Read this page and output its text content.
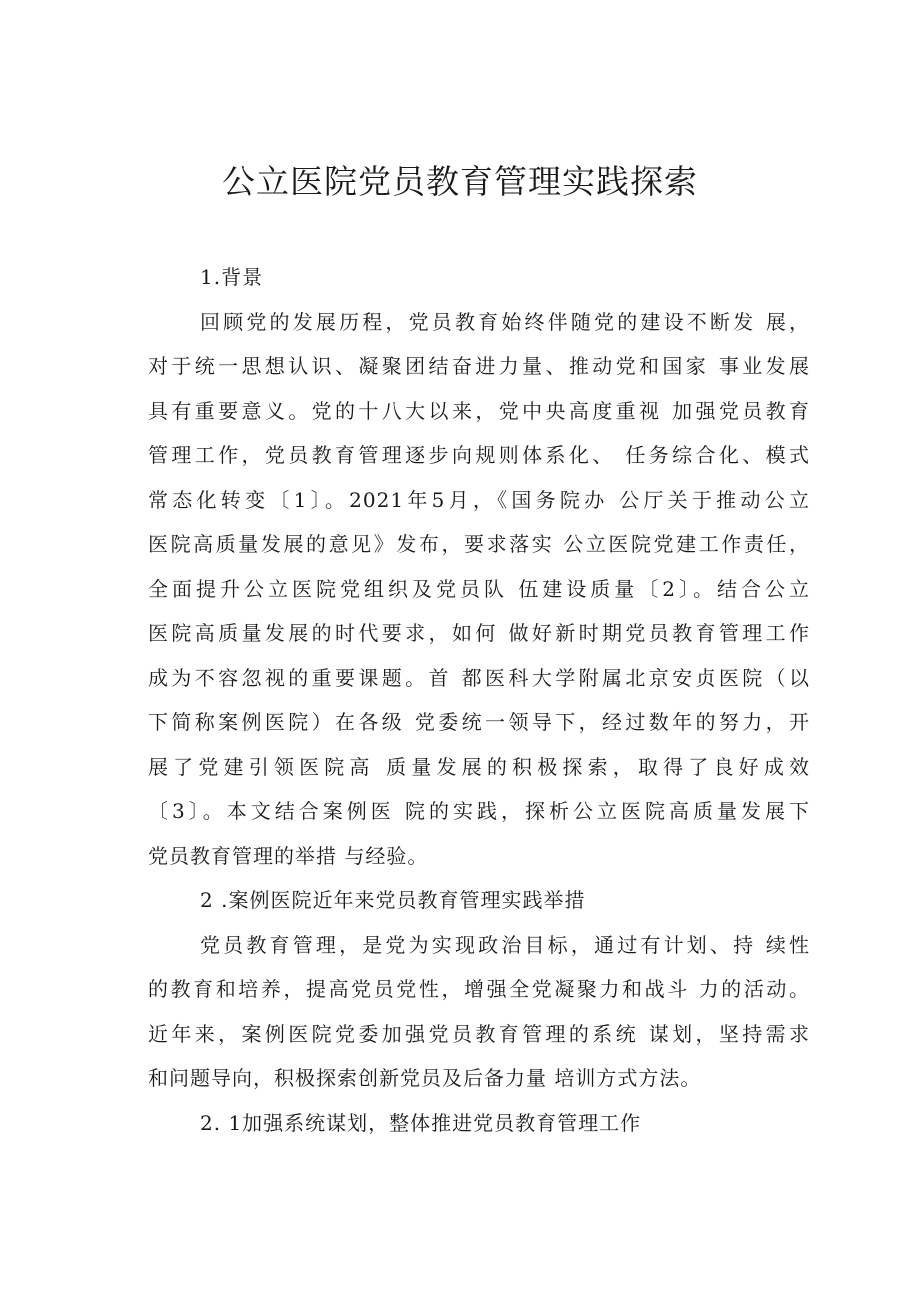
公立医院党员教育管理实践探索
1.背景

回顾党的发展历程，党员教育始终伴随党的建设不断发 展，

对于统一思想认识、凝聚团结奋进力量、推动党和国家 事业发展

具有重要意义。党的十八大以来，党中央高度重视 加强党员教育

管理工作，党员教育管理逐步向规则体系化、 任务综合化、模式

常态化转变〔1〕。2021年5月，《国务院办 公厅关于推动公立

医院高质量发展的意见》发布，要求落实 公立医院党建工作责任，

全面提升公立医院党组织及党员队 伍建设质量〔2〕。结合公立

医院高质量发展的时代要求，如何 做好新时期党员教育管理工作

成为不容忽视的重要课题。首 都医科大学附属北京安贞医院（以

下简称案例医院）在各级 党委统一领导下，经过数年的努力，开

展了党建引领医院高 质量发展的积极探索，取得了良好成效

〔3〕。本文结合案例医 院的实践，探析公立医院高质量发展下

党员教育管理的举措 与经验。

2 .案例医院近年来党员教育管理实践举措

党员教育管理，是党为实现政治目标，通过有计划、持 续性

的教育和培养，提高党员党性，增强全党凝聚力和战斗 力的活动。

近年来，案例医院党委加强党员教育管理的系统 谋划，坚持需求

和问题导向，积极探索创新党员及后备力量 培训方式方法。

2. 1加强系统谋划，整体推进党员教育管理工作
